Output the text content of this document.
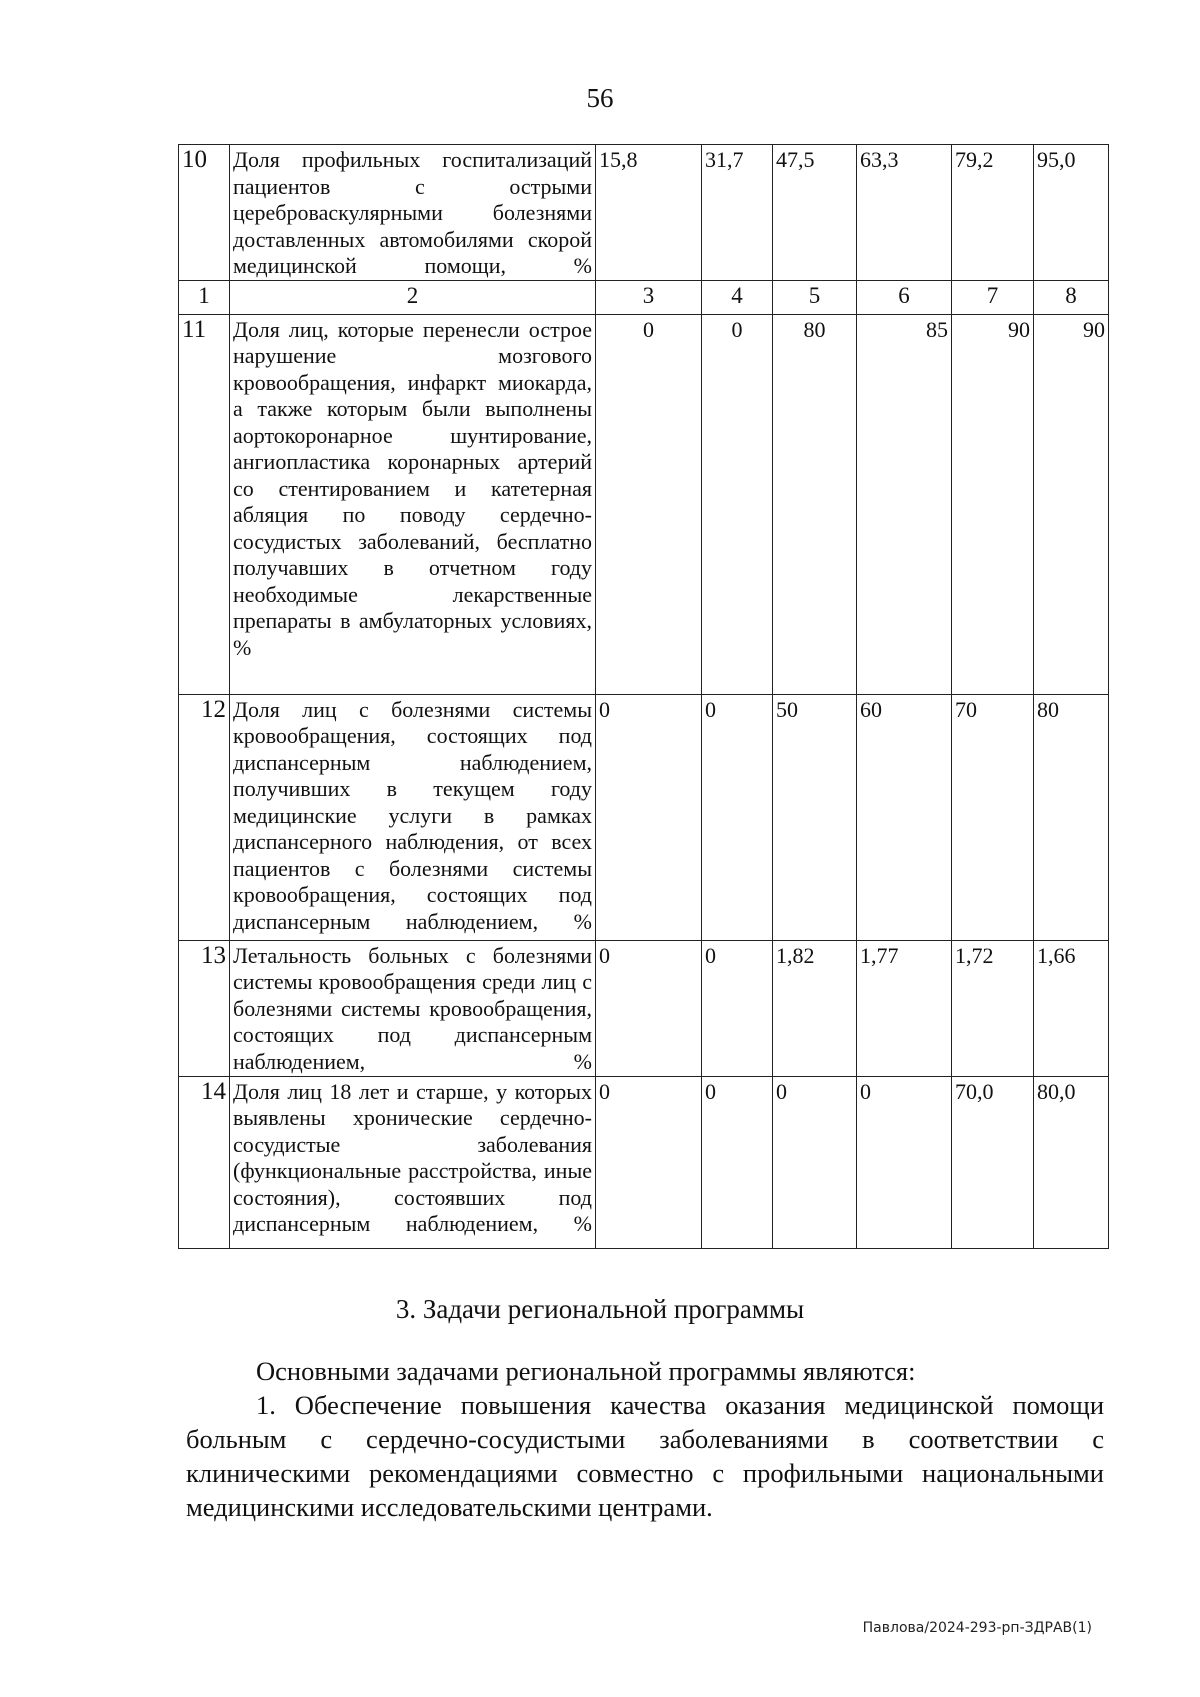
56
10	Доля профильных госпитализаций пациентов с острыми цереброваскулярными болезнями доставленных автомобилями скорой медицинской помощи, %	15,8	31,7	47,5	63,3	79,2	95,0
1	2	3	4	5	6	7	8
11	Доля лиц, которые перенесли острое нарушение мозгового кровообращения, инфаркт миокарда, а также которым были выполнены аортокоронарное шунтирование, ангиопластика коронарных артерий со стентированием и катетерная абляция по поводу сердечно-сосудистых заболеваний, бесплатно получавших в отчетном году необходимые лекарственные препараты в амбулаторных условиях, %	0	0	80	85	90	90
12	Доля лиц с болезнями системы кровообращения, состоящих под диспансерным наблюдением, получивших в текущем году медицинские услуги в рамках диспансерного наблюдения, от всех пациентов с болезнями системы кровообращения, состоящих под диспансерным наблюдением, %	0	0	50	60	70	80
13	Летальность больных с болезнями системы кровообращения среди лиц с болезнями системы кровообращения, состоящих под диспансерным наблюдением, %	0	0	1,82	1,77	1,72	1,66
14	Доля лиц 18 лет и старше, у которых выявлены хронические сердечно-сосудистые заболевания (функциональные расстройства, иные состояния), состоявших под диспансерным наблюдением, %	0	0	0	0	70,0	80,0
3. Задачи региональной программы

Основными задачами региональной программы являются:

1. Обеспечение повышения качества оказания медицинской помощи больным с сердечно-сосудистыми заболеваниями в соответствии с клиническими рекомендациями совместно с профильными национальными медицинскими исследовательскими центрами.

Павлова/2024-293-рп-ЗДРАВ(1)
